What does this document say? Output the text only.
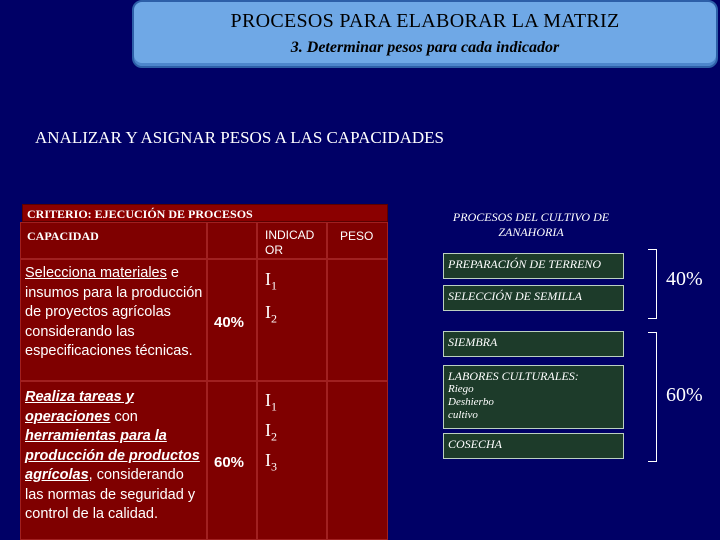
PROCESOS PARA ELABORAR LA MATRIZ
3. Determinar pesos para cada indicador
ANALIZAR Y ASIGNAR PESOS A LAS CAPACIDADES
CRITERIO: EJECUCIÓN DE PROCESOS
CAPACIDAD	INDICAD
OR
PESO
Selecciona materiales e insumos para la producción de proyectos agrícolas considerando las especificaciones técnicas.
40%
$I_1$
$I_2$
Realiza tareas y operaciones con herramientas para la producción de productos agrícolas, considerando las normas de seguridad y control de la calidad.
60%
$I_1$
$I_2$
$I_3$
PROCESOS DEL CULTIVO DE ZANAHORIA
PREPARACIÓN DE TERRENO
SELECCIÓN DE SEMILLA
SIEMBRA
LABORES CULTURALES:
Riego
Deshierbo
cultivo
COSECHA
40%
60%
